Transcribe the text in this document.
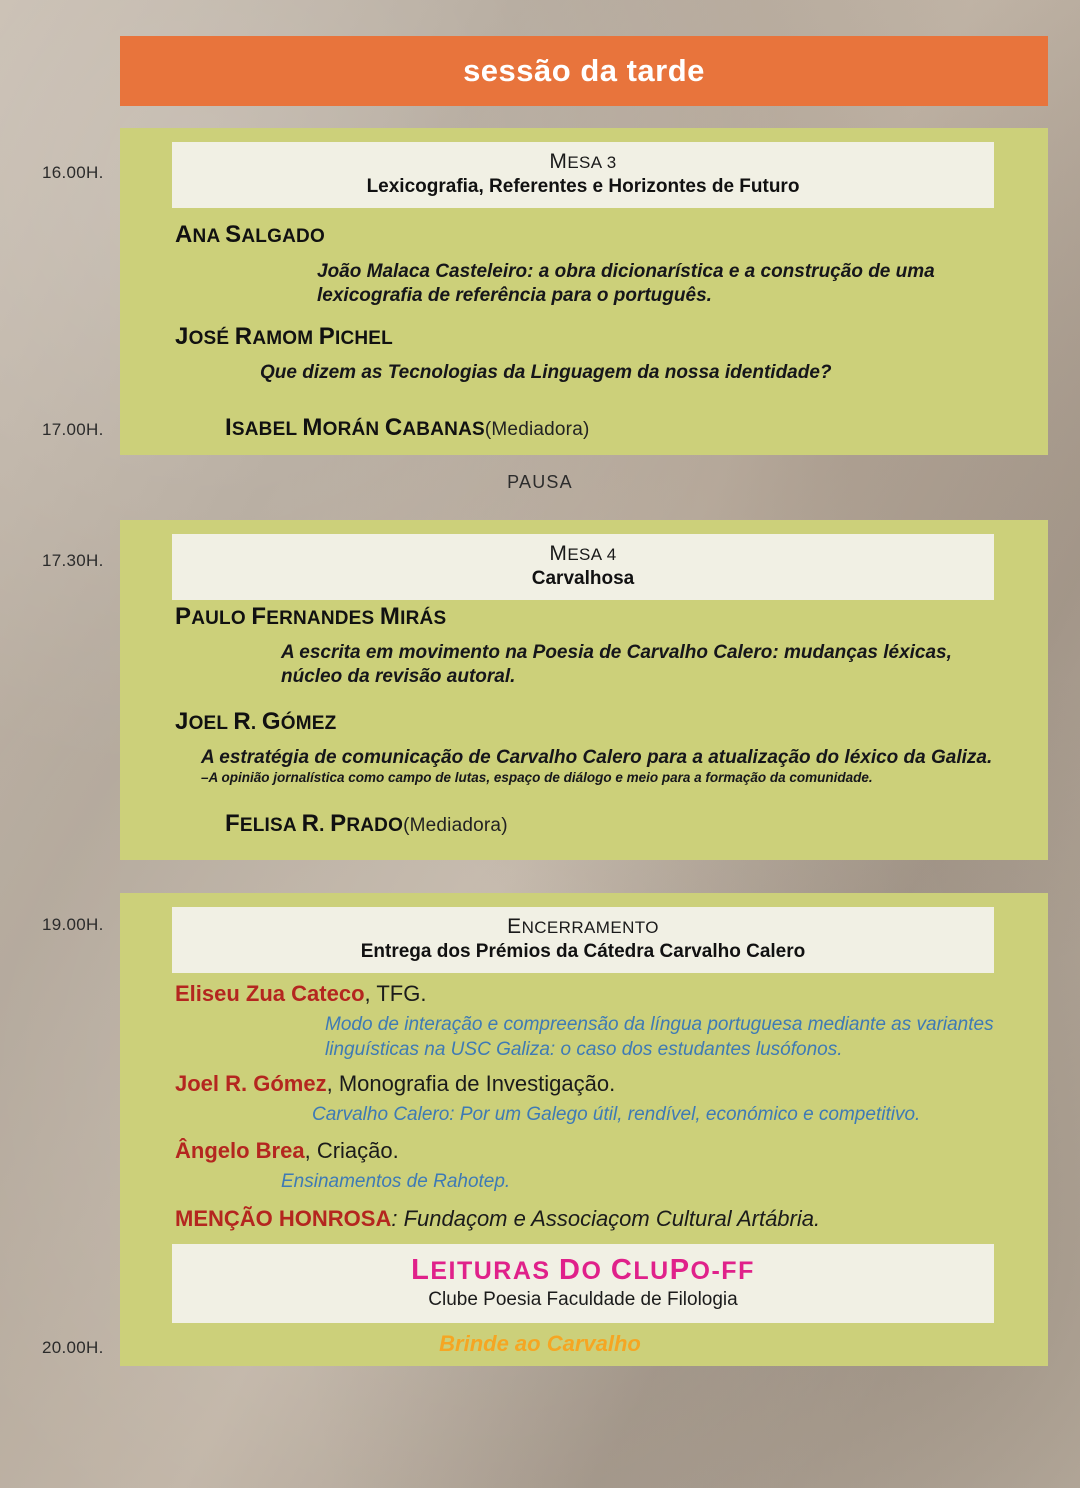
sessão da tarde
16.00H.
17.00H.
17.30H.
19.00H.
20.00H.
MESA 3
Lexicografia, Referentes e Horizontes de Futuro
ANA SALGADO
João Malaca Casteleiro: a obra dicionarística e a construção de uma lexicografia de referência para o português.
JOSÉ RAMOM PICHEL
Que dizem as Tecnologias da Linguagem da nossa identidade?
ISABEL MORÁN CABANAS(Mediadora)
PAUSA
MESA 4
Carvalhosa
PAULO FERNANDES MIRÁS
A escrita em movimento na Poesia de Carvalho Calero: mudanças léxicas, núcleo da revisão autoral.
JOEL R. GÓMEZ
A estratégia de comunicação de Carvalho Calero para a atualização do léxico da Galiza.
–A opinião jornalística como campo de lutas, espaço de diálogo e meio para a formação da comunidade.
FELISA R. PRADO(Mediadora)
ENCERRAMENTO
Entrega dos Prémios da Cátedra Carvalho Calero
Eliseu Zua Cateco, TFG.
Modo de interação e compreensão da língua portuguesa mediante as variantes linguísticas na USC Galiza: o caso dos estudantes lusófonos.
Joel R. Gómez, Monografia de Investigação.
Carvalho Calero: Por um Galego útil, rendível, económico e competitivo.
Ângelo Brea, Criação.
Ensinamentos de Rahotep.
MENÇÃO HONROSA: Fundaçom e Associaçom Cultural Artábria.
LEITURAS DO CLUPO-FF
Clube Poesia Faculdade de Filologia
Brinde ao Carvalho
